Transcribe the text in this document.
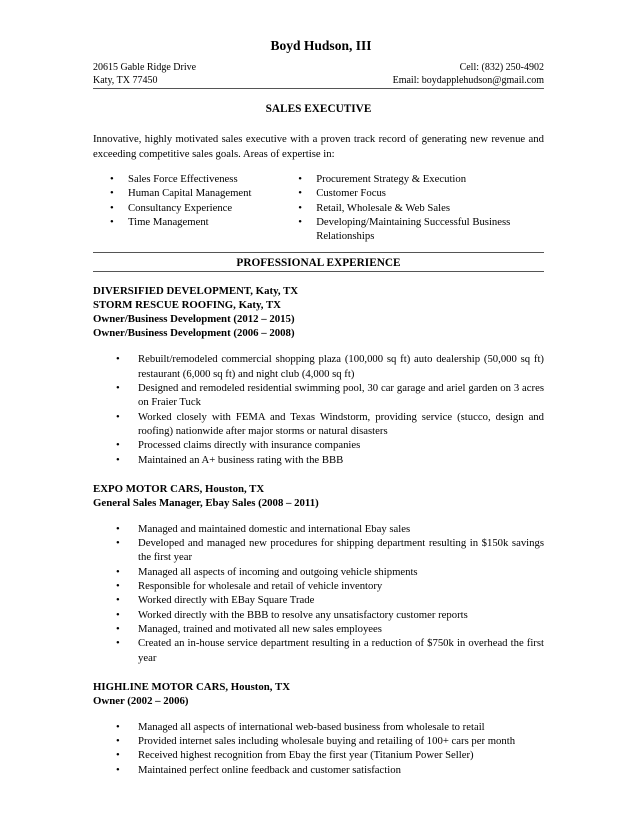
Boyd Hudson, III
20615 Gable Ridge Drive	Cell: (832) 250-4902
Katy, TX 77450	Email: boydapplehudson@gmail.com
SALES EXECUTIVE
Innovative, highly motivated sales executive with a proven track record of generating new revenue and exceeding competitive sales goals. Areas of expertise in:
• Sales Force Effectiveness
• Human Capital Management
• Consultancy Experience
• Time Management
• Procurement Strategy & Execution
• Customer Focus
• Retail, Wholesale & Web Sales
• Developing/Maintaining Successful Business Relationships
PROFESSIONAL EXPERIENCE
DIVERSIFIED DEVELOPMENT, Katy, TX
STORM RESCUE ROOFING, Katy, TX
Owner/Business Development (2012 – 2015)
Owner/Business Development (2006 – 2008)
• Rebuilt/remodeled commercial shopping plaza (100,000 sq ft) auto dealership (50,000 sq ft) restaurant (6,000 sq ft) and night club (4,000 sq ft)
• Designed and remodeled residential swimming pool, 30 car garage and ariel garden on 3 acres on Fraier Tuck
• Worked closely with FEMA and Texas Windstorm, providing service (stucco, design and roofing) nationwide after major storms or natural disasters
• Processed claims directly with insurance companies
• Maintained an A+ business rating with the BBB
EXPO MOTOR CARS, Houston, TX
General Sales Manager, Ebay Sales (2008 – 2011)
• Managed and maintained domestic and international Ebay sales
• Developed and managed new procedures for shipping department resulting in $150k savings the first year
• Managed all aspects of incoming and outgoing vehicle shipments
• Responsible for wholesale and retail of vehicle inventory
• Worked directly with EBay Square Trade
• Worked directly with the BBB to resolve any unsatisfactory customer reports
• Managed, trained and motivated all new sales employees
• Created an in-house service department resulting in a reduction of $750k in overhead the first year
HIGHLINE MOTOR CARS, Houston, TX
Owner (2002 – 2006)
• Managed all aspects of international web-based business from wholesale to retail
• Provided internet sales including wholesale buying and retailing of 100+ cars per month
• Received highest recognition from Ebay the first year (Titanium Power Seller)
• Maintained perfect online feedback and customer satisfaction
